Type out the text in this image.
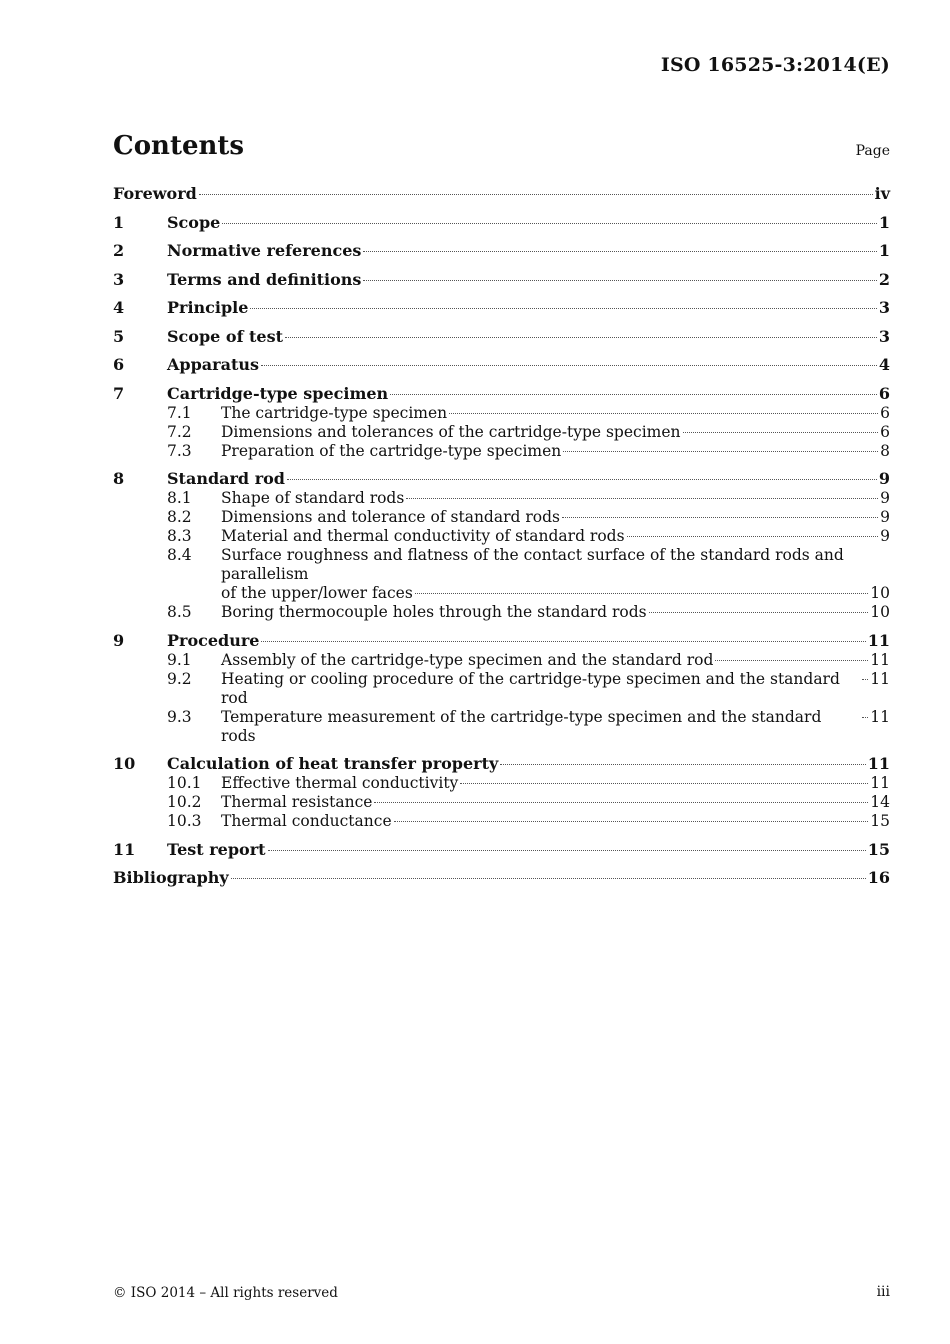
ISO 16525-3:2014(E)
Contents	Page
Foreword	iv
1	Scope	1
2	Normative references	1
3	Terms and definitions	2
4	Principle	3
5	Scope of test	3
6	Apparatus	4
7	Cartridge-type specimen	6
7.1	The cartridge-type specimen	6
7.2	Dimensions and tolerances of the cartridge-type specimen	6
7.3	Preparation of the cartridge-type specimen	8
8	Standard rod	9
8.1	Shape of standard rods	9
8.2	Dimensions and tolerance of standard rods	9
8.3	Material and thermal conductivity of standard rods	9
8.4	Surface roughness and flatness of the contact surface of the standard rods and parallelism
of the upper/lower faces	10
8.5	Boring thermocouple holes through the standard rods	10
9	Procedure	11
9.1	Assembly of the cartridge-type specimen and the standard rod	11
9.2	Heating or cooling procedure of the cartridge-type specimen and the standard rod
11
9.3	Temperature measurement of the cartridge-type specimen and the standard rods
11
10	Calculation of heat transfer property	11
10.1	Effective thermal conductivity	11
10.2	Thermal resistance	14
10.3	Thermal conductance	15
11	Test report	15
Bibliography	16
© ISO 2014 – All rights reserved	iii
